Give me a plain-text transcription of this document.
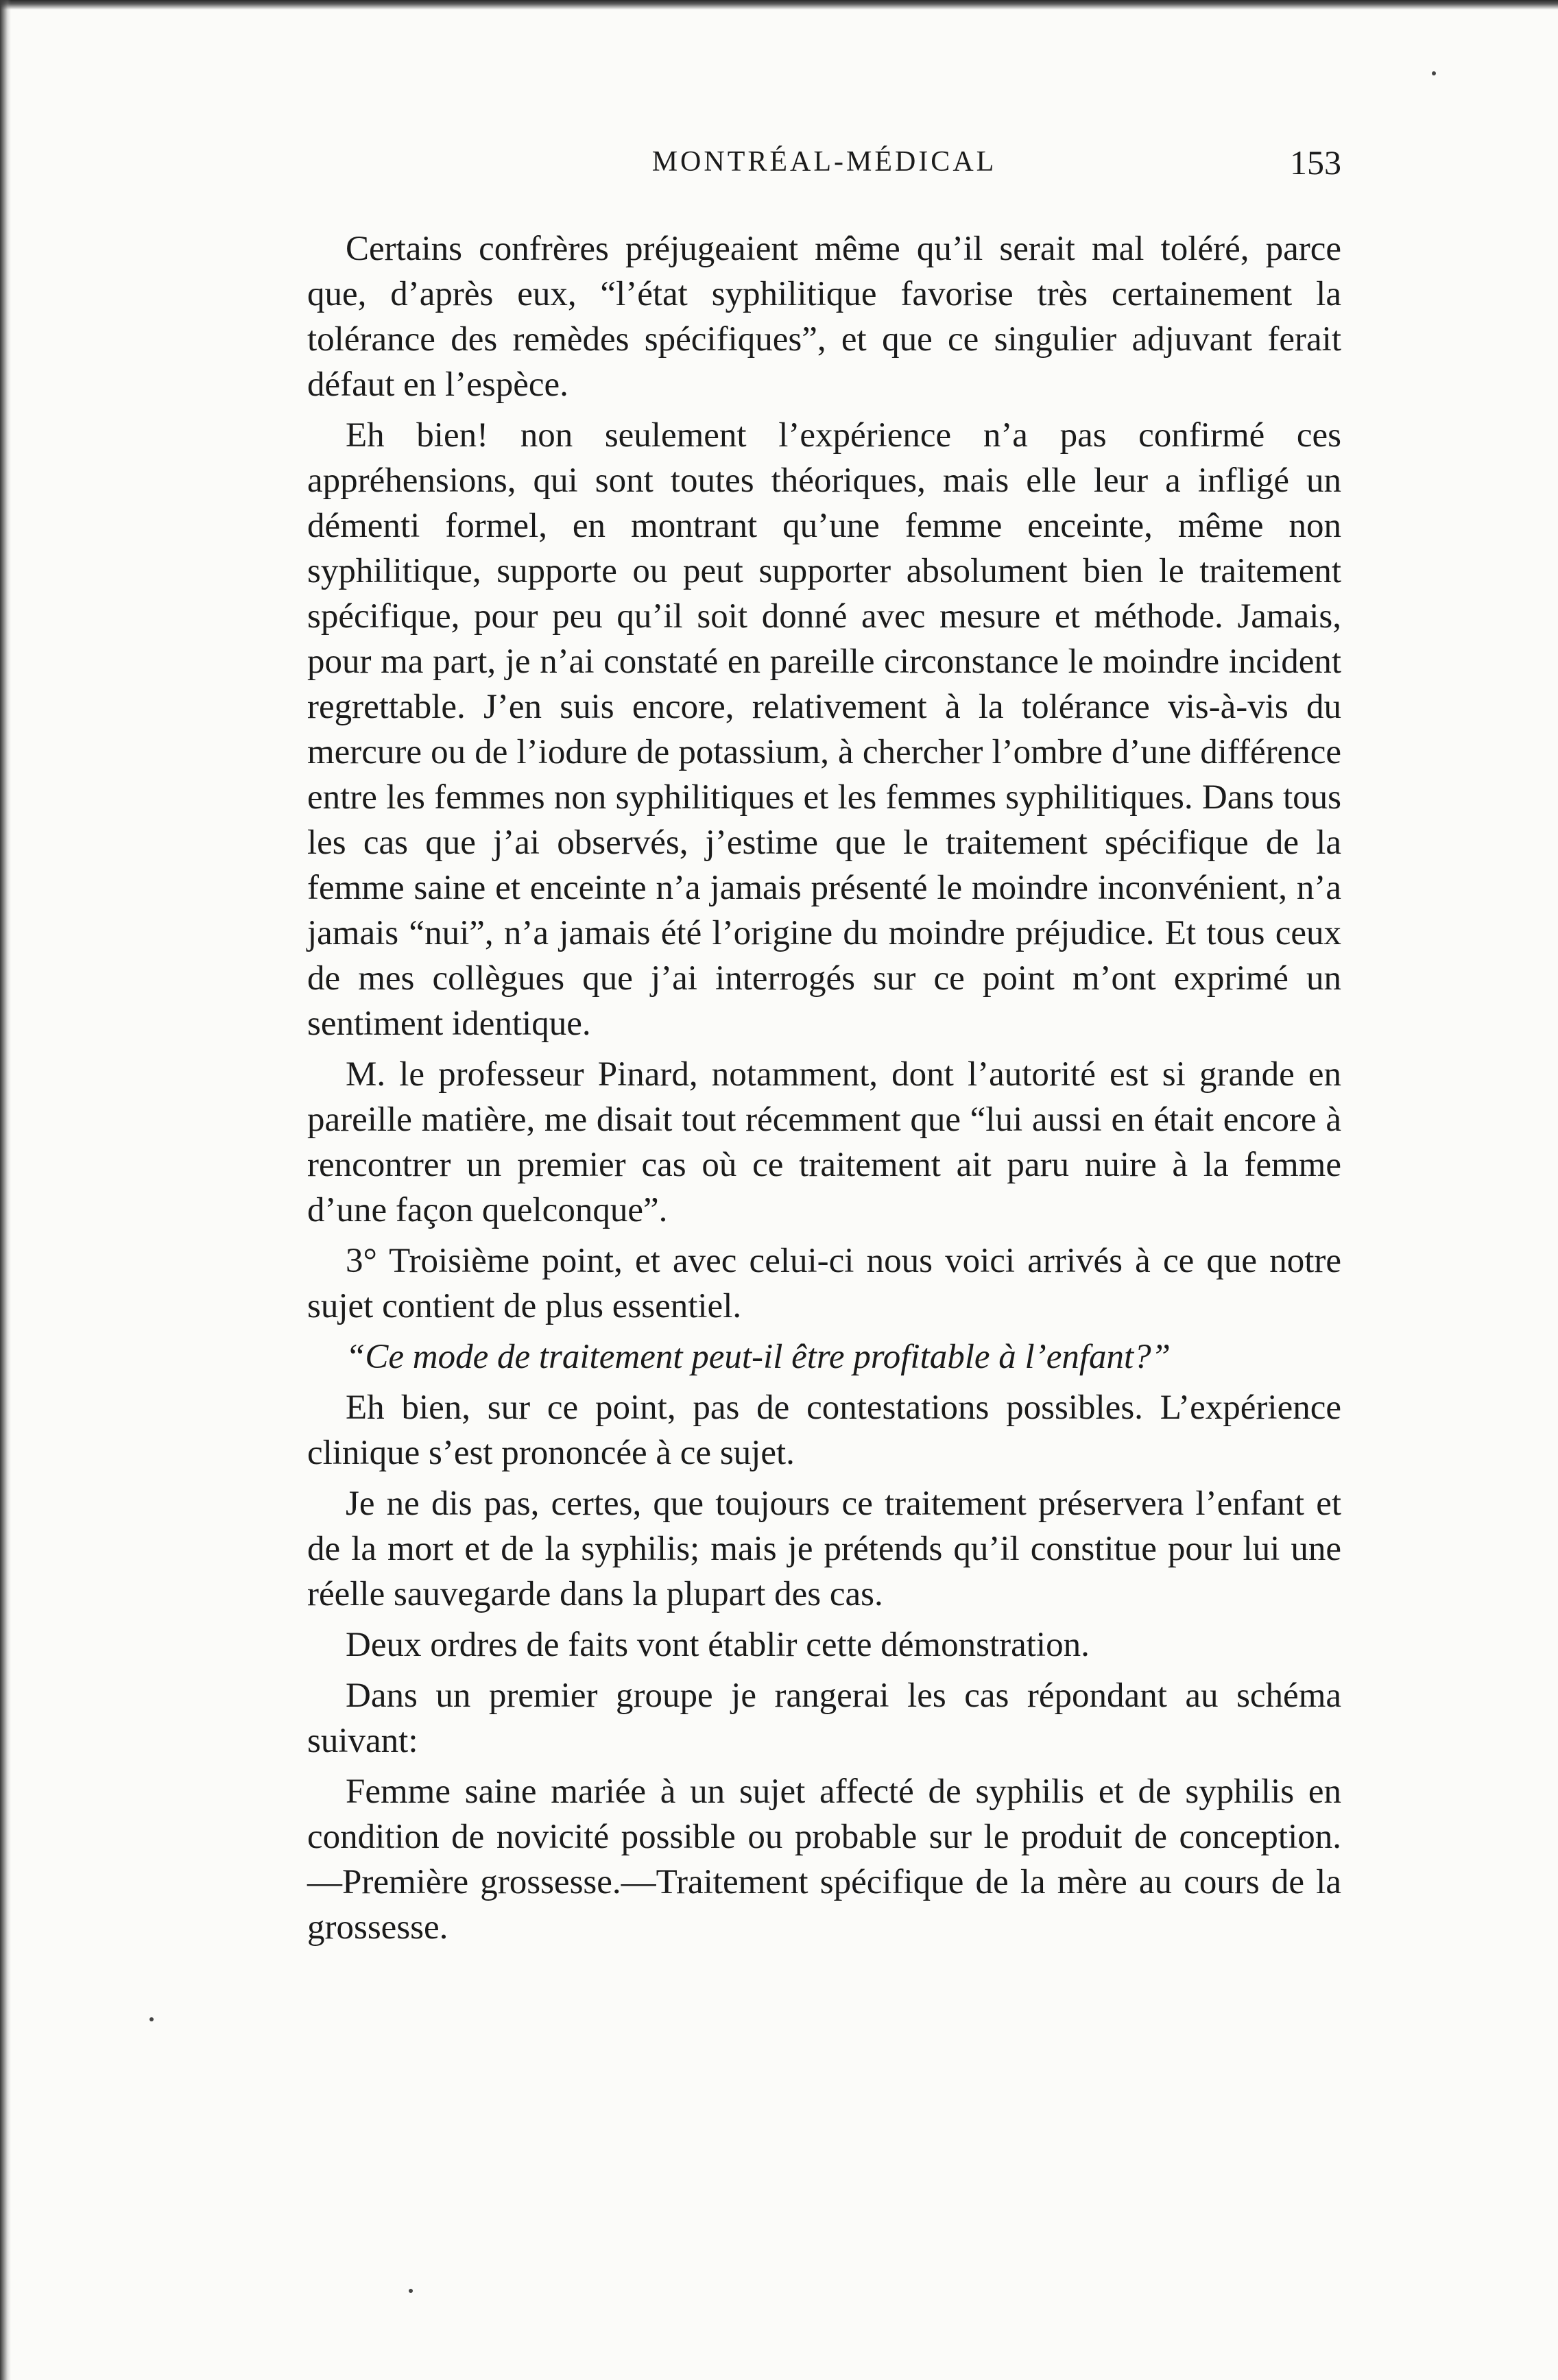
MONTRÉAL-MÉDICAL	153

Certains confrères préjugeaient même qu’il serait mal toléré, parce que, d’après eux, “l’état syphilitique favorise très certainement la tolérance des remèdes spécifiques”, et que ce singulier adjuvant ferait défaut en l’espèce.

Eh bien! non seulement l’expérience n’a pas confirmé ces appréhensions, qui sont toutes théoriques, mais elle leur a infligé un démenti formel, en montrant qu’une femme enceinte, même non syphilitique, supporte ou peut supporter absolument bien le traitement spécifique, pour peu qu’il soit donné avec mesure et méthode. Jamais, pour ma part, je n’ai constaté en pareille circonstance le moindre incident regrettable. J’en suis encore, relativement à la tolérance vis-à-vis du mercure ou de l’iodure de potassium, à chercher l’ombre d’une différence entre les femmes non syphilitiques et les femmes syphilitiques. Dans tous les cas que j’ai observés, j’estime que le traitement spécifique de la femme saine et enceinte n’a jamais présenté le moindre inconvénient, n’a jamais “nui”, n’a jamais été l’origine du moindre préjudice. Et tous ceux de mes collègues que j’ai interrogés sur ce point m’ont exprimé un sentiment identique.

M. le professeur Pinard, notamment, dont l’autorité est si grande en pareille matière, me disait tout récemment que “lui aussi en était encore à rencontrer un premier cas où ce traitement ait paru nuire à la femme d’une façon quelconque”.

3° Troisième point, et avec celui-ci nous voici arrivés à ce que notre sujet contient de plus essentiel.

“Ce mode de traitement peut-il être profitable à l’enfant?”

Eh bien, sur ce point, pas de contestations possibles. L’expérience clinique s’est prononcée à ce sujet.

Je ne dis pas, certes, que toujours ce traitement préservera l’enfant et de la mort et de la syphilis; mais je prétends qu’il constitue pour lui une réelle sauvegarde dans la plupart des cas.

Deux ordres de faits vont établir cette démonstration.

Dans un premier groupe je rangerai les cas répondant au schéma suivant:

Femme saine mariée à un sujet affecté de syphilis et de syphilis en condition de novicité possible ou probable sur le produit de conception.—Première grossesse.—Traitement spécifique de la mère au cours de la grossesse.
